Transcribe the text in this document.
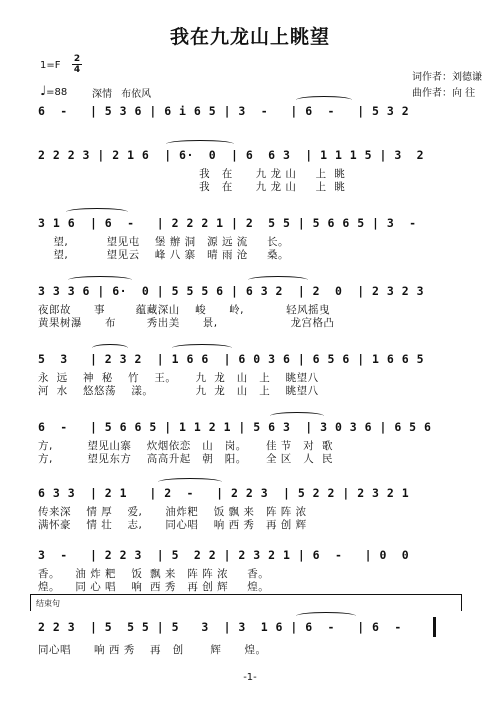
我在九龙山上眺望
1=F
2
4
♩=88 深情 布依风
词作者：刘德谦
曲作者：向 往
6  -   | 5 3 6 | 6 i 6 5 | 3  -   | 6  -   | 5 3 2
2 2 2 3 | 2 1 6  | 6·  0  | 6  6 3  | 1 1 1 5 | 3  2
我   在      九 龙 山     上  眺
我   在      九 龙 山     上  眺
3 1 6  | 6  -   | 2 2 2 1 | 2  5 5 | 5 6 6 5 | 3  -
望,          望见屯    堡 辦 洞   源 远 流     长。
望,          望见云    峰 八 寨   晴 雨 沧     桑。
3 3 3 6 | 6·  0 | 5 5 5 6 | 6 3 2  | 2  0  | 2 3 2 3
夜郎故      事        蕴藏深山    峻      岭,           轻风摇曳
黄果树瀑      布        秀出美      景,                   龙宫格凸
5  3   | 2 3 2  | 1 6 6  | 6 0 3 6 | 6 5 6 | 1 6 6 5
永  远    神  秘    竹    王。     九  龙   山   上    眺望八
河  水    悠悠荡    漾。           九  龙   山   上    眺望八
6  -   | 5 6 6 5 | 1 1 2 1 | 5 6 3  | 3 0 3 6 | 6 5 6
方,         望见山寨    炊烟依恋   山   岗。     佳 节   对  歌
方,         望见东方    高高升起   朝   阳。     全 区   人  民
6 3 3  | 2 1   | 2  -   | 2 2 3  | 5 2 2 | 2 3 2 1
传来深    情 厚    爱,      油炸粑    饭 飘 来   阵 阵 浓
满怀豪    情 壮    志,      同心唱    响 西 秀   再 创 辉
3  -   | 2 2 3  | 5  2 2 | 2 3 2 1 | 6  -   | 0  0
香。    油 炸 粑    饭  飘 来   阵 阵 浓     香。
煌。    同 心 唱    响  西 秀   再 创 辉     煌。
结束句
2 2 3  | 5  5 5 | 5   3  | 3  1 6 | 6  -   | 6  -
同心唱      响 西 秀    再   创       辉      煌。
-1-
